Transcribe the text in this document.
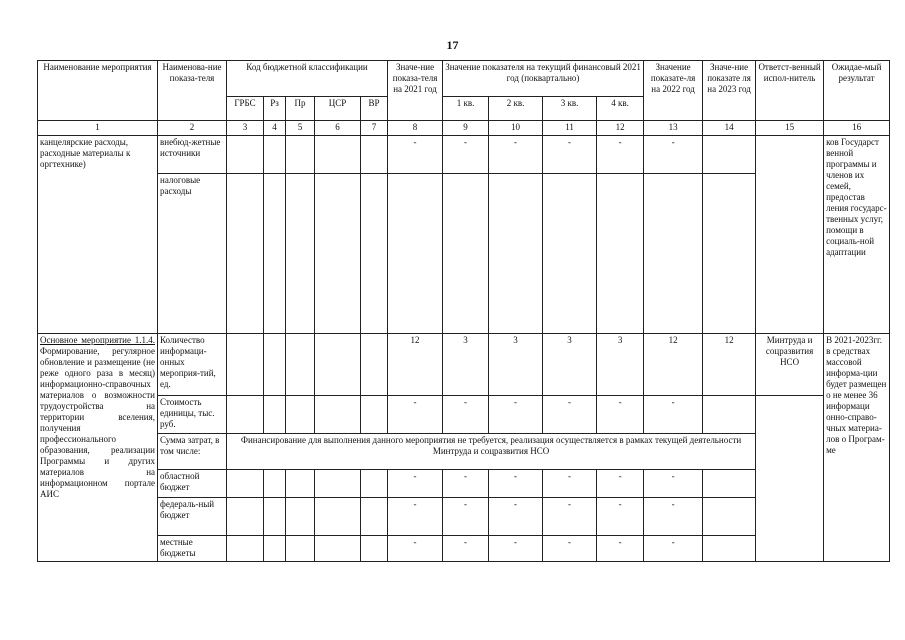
17
Наименование мероприятия	Наименова-ние показа-теля	Код бюджетной классификации					Значе-ние показа-теля на 2021 год	Значение показателя на текущий финансовый 2021 год (поквартально)				Значение показате-ля на 2022 год	Значе-ние показате ля на 2023 год	Ответст-венный испол-нитель	Ожидае-мый результат
		ГРБС	Рз	Пр	ЦСР	ВР		1 кв.	2 кв.	3 кв.	4 кв.				
1	2	3	4	5	6	7	8	9	10	11	12	13	14	15	16
канцелярские расходы, расходные материалы к оргтехнике)	внебюд-жетные источники						-	-	-	-	-	-			ков Государст венной программы и членов их семей, предостав ления государс-твенных услуг, помощи в социаль-ной адаптации
	налоговые расходы														
Основное мероприятие 1.1.4. Формирование, регулярное обновление и размещение (не реже одного раза в месяц) информационно-справочных материалов о возможности трудоустройства на территории вселения, получения профессионального образования, реализации Программы и других материалов на информационном портале АИС	Количество информаци-онных мероприя-тий, ед.						12	3	3	3	3	12	12	Минтруда и соцразвития НСО	В 2021-2023гг. в средствах массовой информа-ции будет размещен о не менее 36 информаци онно-справо-чных материа-лов о Програм-ме
	Стоимость единицы, тыс. руб.						-	-	-	-	-	-			
	Сумма затрат, в том числе:	Финансирование для выполнения данного мероприятия не требуется, реализация осуществляется в рамках текущей деятельности Минтруда и соцразвития НСО													
	областной бюджет						-	-	-	-	-	-			
	федераль-ный бюджет						-	-	-	-	-	-			
	местные бюджеты						-	-	-	-	-	-			
